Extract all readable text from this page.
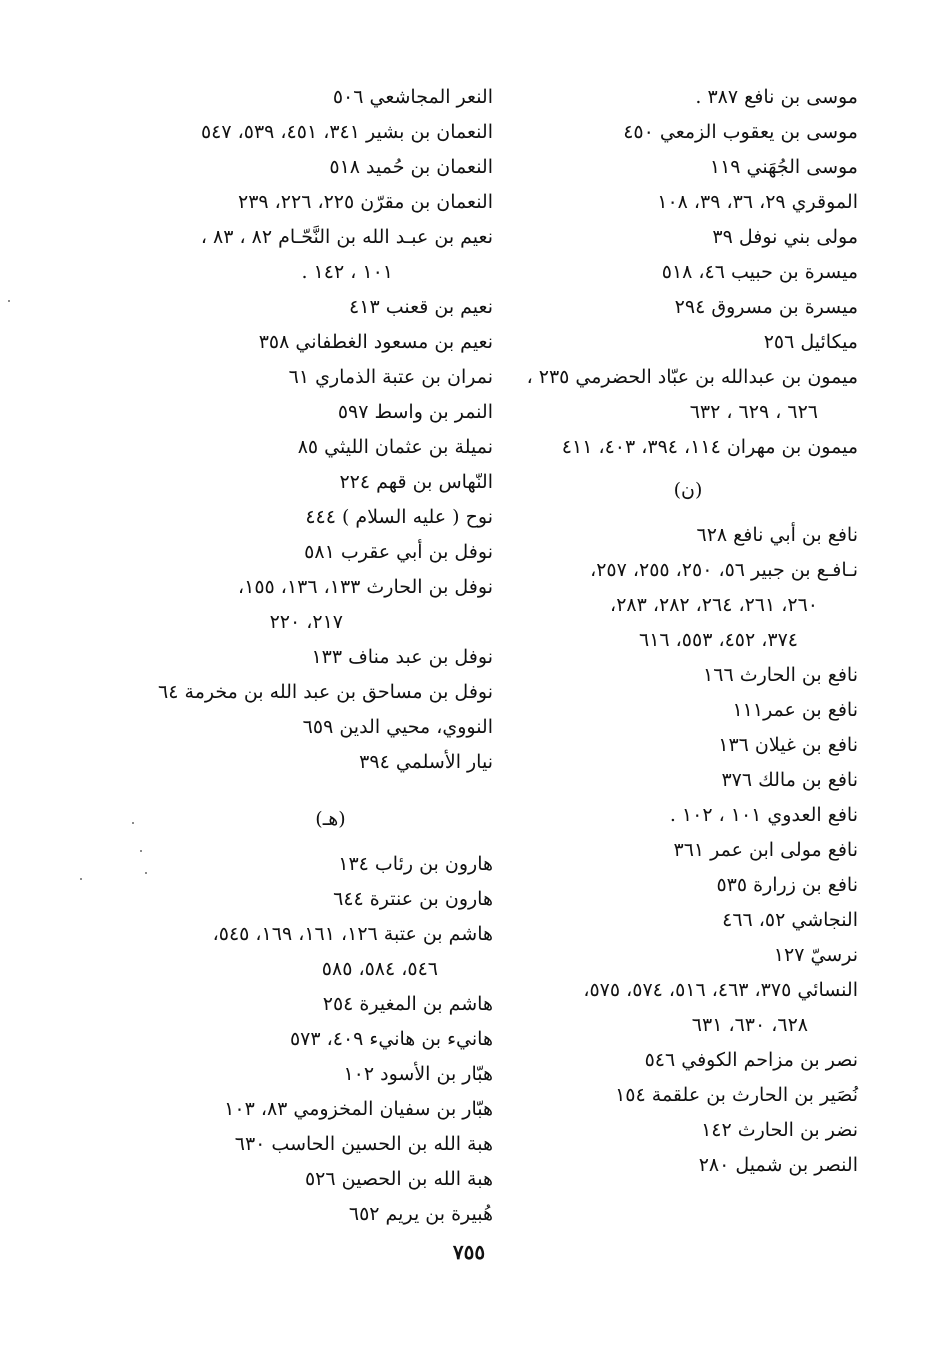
موسى بن نافع ٣٨٧ .
موسى بن يعقوب الزمعي ٤٥٠
موسى الجُهَني ١١٩
الموقري ٢٩، ٣٦، ٣٩، ١٠٨
مولى بني نوفل ٣٩
ميسرة بن حبيب ٤٦، ٥١٨
ميسرة بن مسروق ٢٩٤
ميكائيل ٢٥٦
ميمون بن عبدالله بن عبّاد الحضرمي ٢٣٥ ،
٦٢٦ ، ٦٢٩ ، ٦٣٢
ميمون بن مهران ١١٤، ٣٩٤، ٤٠٣، ٤١١
(ن)
نافع بن أبي نافع ٦٢٨
نـافـع بن جبير ٥٦، ٢٥٠، ٢٥٥، ٢٥٧،
٢٦٠، ٢٦١، ٢٦٤، ٢٨٢، ٢٨٣،
٣٧٤، ٤٥٢، ٥٥٣، ٦١٦
نافع بن الحارث ١٦٦
نافع بن عمر١١١
نافع بن غيلان ١٣٦
نافع بن مالك ٣٧٦
نافع العدوي ١٠١ ، ١٠٢ .
نافع مولى ابن عمر ٣٦١
نافع بن زرارة ٥٣٥
النجاشي ٥٢، ٤٦٦
نرسيّ ١٢٧
النسائي ٣٧٥، ٤٦٣، ٥١٦، ٥٧٤، ٥٧٥،
٦٢٨، ٦٣٠، ٦٣١
نصر بن مزاحم الكوفي ٥٤٦
نُصَير بن الحارث بن علقمة ١٥٤
نضر بن الحارث ١٤٢
النصر بن شميل ٢٨٠
النعر المجاشعي ٥٠٦
النعمان بن بشير ٣٤١، ٤٥١، ٥٣٩، ٥٤٧
النعمان بن حُميد ٥١٨
النعمان بن مقرّن ٢٢٥، ٢٢٦، ٢٣٩
نعيم بن عبـد الله بن النَّحّـام ٨٢ ، ٨٣ ،
١٠١ ، ١٤٢ .
نعيم بن قعنب ٤١٣
نعيم بن مسعود الغطفاني ٣٥٨
نمران بن عتبة الذماري ٦١
النمر بن واسط ٥٩٧
نميلة بن عثمان الليثي ٨٥
النّهاس بن قهم ٢٢٤
نوح ( عليه السلام ) ٤٤٤
نوفل بن أبي عقرب ٥٨١
نوفل بن الحارث ١٣٣، ١٣٦، ١٥٥،
٢١٧، ٢٢٠
نوفل بن عبد مناف ١٣٣
نوفل بن مساحق بن عبد الله بن مخرمة ٦٤
النووي، محيي الدين ٦٥٩
نيار الأسلمي ٣٩٤
(هـ)
هارون بن رئاب ١٣٤
هارون بن عنترة ٦٤٤
هاشم بن عتبة ١٢٦، ١٦١، ١٦٩، ٥٤٥،
٥٤٦، ٥٨٤، ٥٨٥
هاشم بن المغيرة ٢٥٤
هانيء بن هانيء ٤٠٩، ٥٧٣
هبّار بن الأسود ١٠٢
هبّار بن سفيان المخزومي ٨٣، ١٠٣
هبة الله بن الحسين الحاسب ٦٣٠
هبة الله بن الحصين ٥٢٦
هُبيرة بن يريم ٦٥٢
٧٥٥
